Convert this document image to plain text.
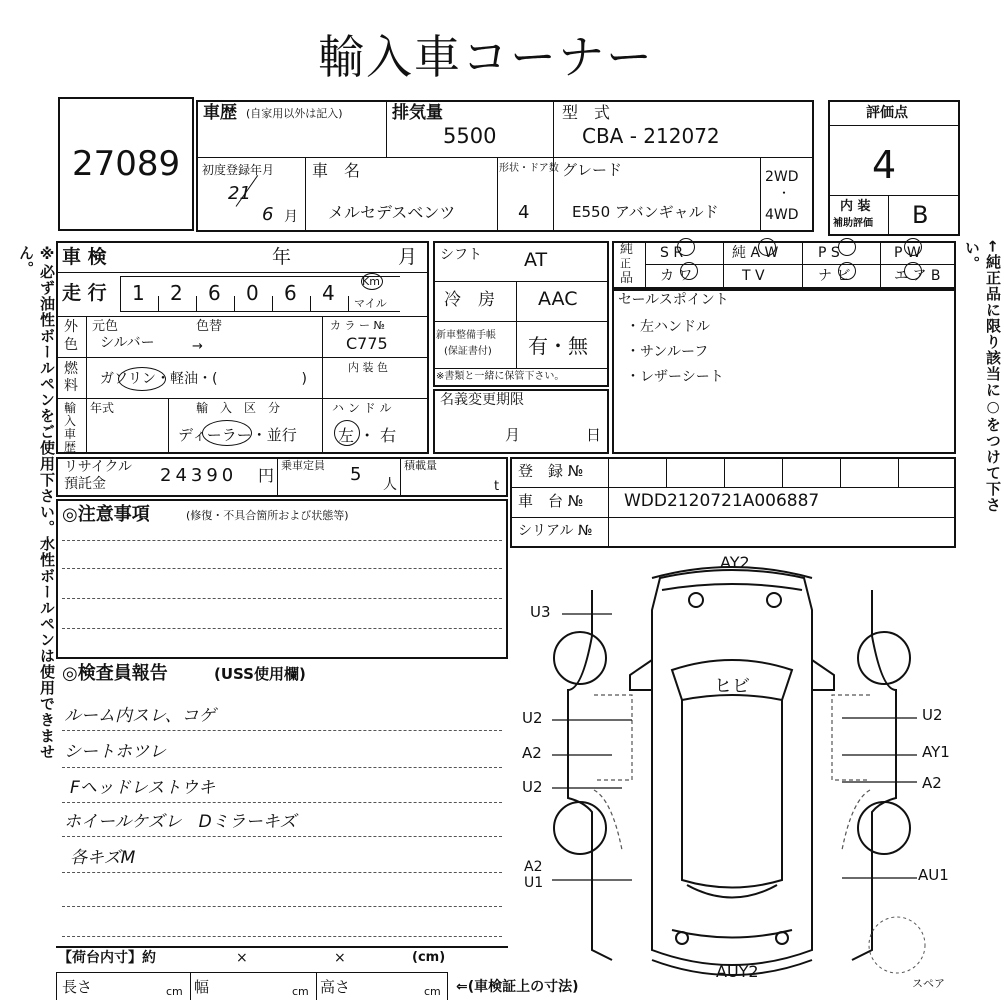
輸入車コーナー
※必ず油性ボールペンをご使用下さい。水性ボールペンは使用できません。	←純正品に限り該当に○をつけて下さい。
27089
車歴 (自家用以外は記入)	排気量
5500
型　式
CBA - 212072
初度登録年月
21
6 月
車　名
メルセデスベンツ
形状・ドア数
4
グレード
E550 アバンギャルド
2WD
・
4WD
評価点
4
内 装
補助評価 B
車 検	年	月
走 行 1 2 6 0 6 4 Km
マイル
外
色
元色
シルバー
色替
→
カ ラ ー №
C775
燃
料 ガソリン・軽油・(　　　　　　)
内 装 色
輸
入
車
歴
年式	輸　入　区　分
ディーラー・並行
ハ ン ド ル
左 ・ 右
シフト AT
冷　房 AAC
新車整備手帳
(保証書付) 有・無
※書類と一緒に保管下さい。
名義変更期限
月	日
純
正
品
S R	純 A W	P S	P W
カ ワ	T V	ナ ビ	エ ア B
セールスポイント
・左ハンドル
・サンルーフ
・レザーシート
リサイクル
預託金	24390 円
乗車定員 5 人
積載量
t
登　録 №
車　台 № WDD2120721A006887
シリアル №
◎注意事項	(修復・不具合箇所および状態等)
◎検査員報告	(USS使用欄)
ルーム内スレ、コゲ
シートホツレ
Fヘッドレストウキ
ホイールケズレ　Dミラーキズ
各キズM
AY2
ヒビ
AUY2
U3
U2
A2
U2
A2
U1
U2
AY1
A2
AU1
スペア
【荷台内寸】約	×	×	(cm)
長さ	cm 幅	cm 高さ	cm ⇐(車検証上の寸法)
